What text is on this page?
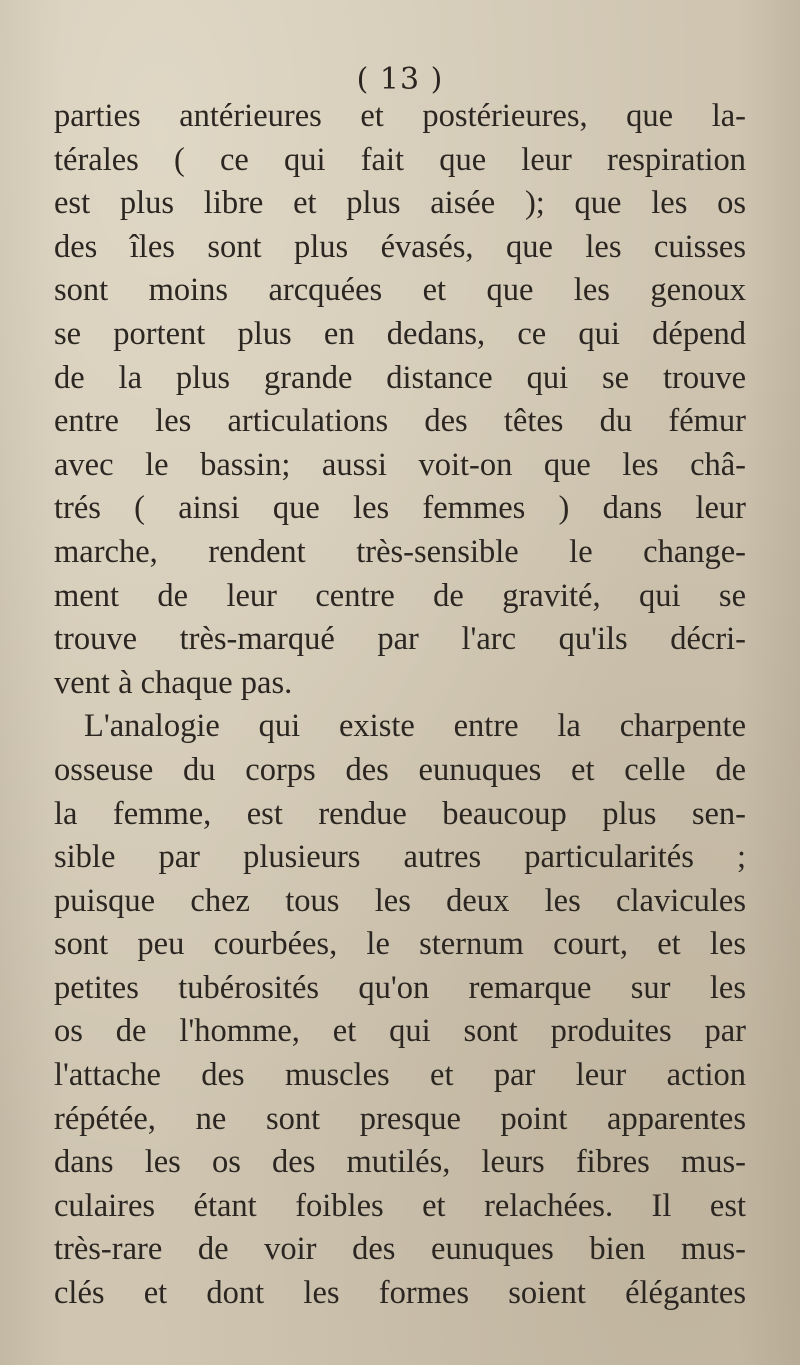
( 13 )

parties antérieures et postérieures, que la-
térales ( ce qui fait que leur respiration
est plus libre et plus aisée ); que les os
des îles sont plus évasés, que les cuisses
sont moins arcquées et que les genoux
se portent plus en dedans, ce qui dépend
de la plus grande distance qui se trouve
entre les articulations des têtes du fémur
avec le bassin; aussi voit-on que les châ-
trés ( ainsi que les femmes ) dans leur
marche, rendent très-sensible le change-
ment de leur centre de gravité, qui se
trouve très-marqué par l'arc qu'ils décri-
vent à chaque pas.
L'analogie qui existe entre la charpente
osseuse du corps des eunuques et celle de
la femme, est rendue beaucoup plus sen-
sible par plusieurs autres particularités ;
puisque chez tous les deux les clavicules
sont peu courbées, le sternum court, et les
petites tubérosités qu'on remarque sur les
os de l'homme, et qui sont produites par
l'attache des muscles et par leur action
répétée, ne sont presque point apparentes
dans les os des mutilés, leurs fibres mus-
culaires étant foibles et relachées. Il est
très-rare de voir des eunuques bien mus-
clés et dont les formes soient élégantes
